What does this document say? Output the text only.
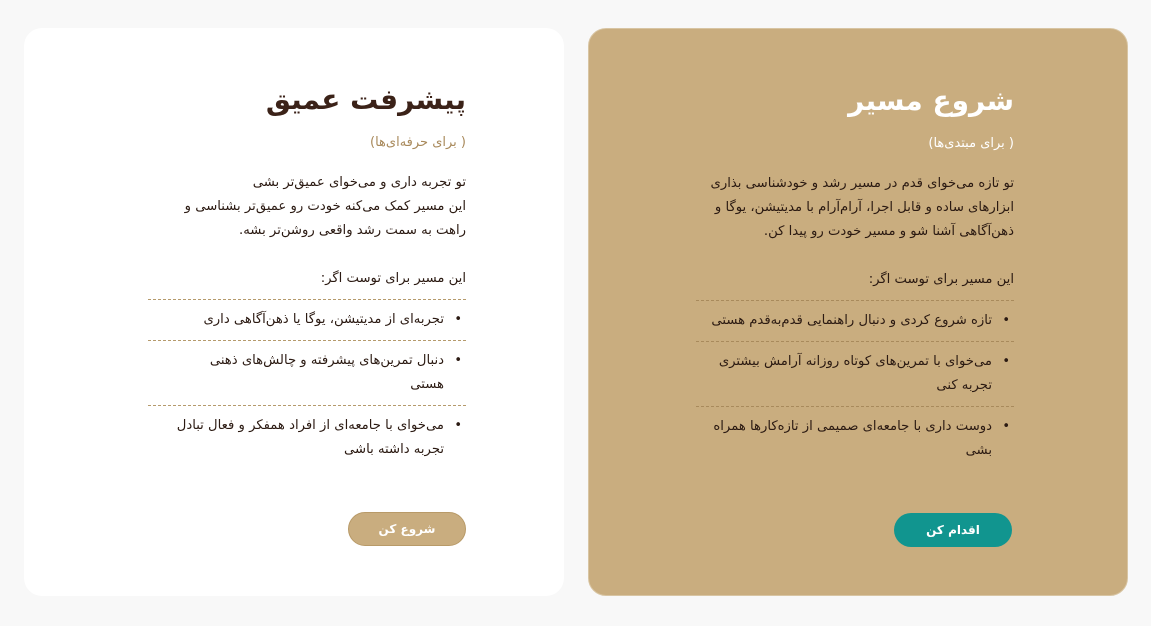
پیشرفت عمیق
( برای حرفه‌ای‌ها)
تو تجربه داری و می‌خوای عمیق‌تر بشی
این مسیر کمک می‌کنه خودت رو عمیق‌تر بشناسی و
راهت به سمت رشد واقعی روشن‌تر بشه.
این مسیر برای توست اگر:
•
تجربه‌ای از مدیتیشن، یوگا یا ذهن‌آگاهی داری
•
دنبال تمرین‌های پیشرفته و چالش‌های ذهنی
هستی
•
می‌خوای با جامعه‌ای از افراد همفکر و فعال تبادل
تجربه داشته باشی
شروع کن
شروع مسیر
( برای مبتدی‌ها)
تو تازه می‌خوای قدم در مسیر رشد و خودشناسی بذاری
ابزارهای ساده و قابل اجرا، آرام‌آرام با مدیتیشن، یوگا و
ذهن‌آگاهی آشنا شو و مسیر خودت رو پیدا کن.
این مسیر برای توست اگر:
•
تازه شروع کردی و دنبال راهنمایی قدم‌به‌قدم هستی
•
می‌خوای با تمرین‌های کوتاه روزانه آرامش بیشتری
تجربه کنی
•
دوست داری با جامعه‌ای صمیمی از تازه‌کارها همراه
بشی
اقدام کن
